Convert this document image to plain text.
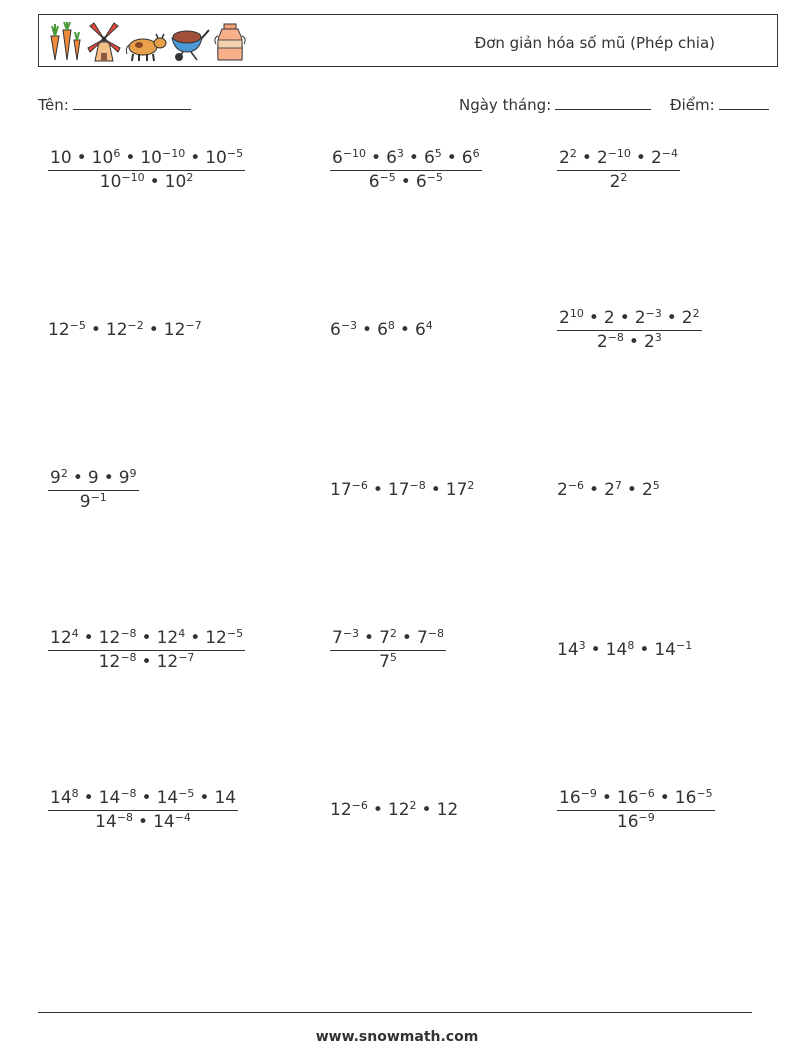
Đơn giản hóa số mũ (Phép chia)
Tên:	Ngày tháng:	Điểm:
$\frac{10 • 10^6 • 10^{-10} • 10^{-5}}{10^{-10} • 10^2}$	$\frac{6^{-10} • 6^3 • 6^5 • 6^6}{6^{-5} • 6^{-5}}$	$\frac{2^2 • 2^{-10} • 2^{-4}}{2^2}$
$12^{-5}$ • $12^{-2}$ • $12^{-7}$	$6^{-3}$ • $6^8$ • $6^4$	$\frac{2^{10} • 2 • 2^{-3} • 2^2}{2^{-8} • 2^3}$
$\frac{9^2 • 9 • 9^9}{9^{-1}}$	$17^{-6}$ • $17^{-8}$ • $17^2$	$2^{-6}$ • $2^7$ • $2^5$
$\frac{12^4 • 12^{-8} • 12^4 • 12^{-5}}{12^{-8} • 12^{-7}}$	$\frac{7^{-3} • 7^2 • 7^{-8}}{7^5}$	$14^3$ • $14^8$ • $14^{-1}$
$\frac{14^8 • 14^{-8} • 14^{-5} • 14}{14^{-8} • 14^{-4}}$	$12^{-6}$ • $12^2$ • 12	$\frac{16^{-9} • 16^{-6} • 16^{-5}}{16^{-9}}$
www.snowmath.com
